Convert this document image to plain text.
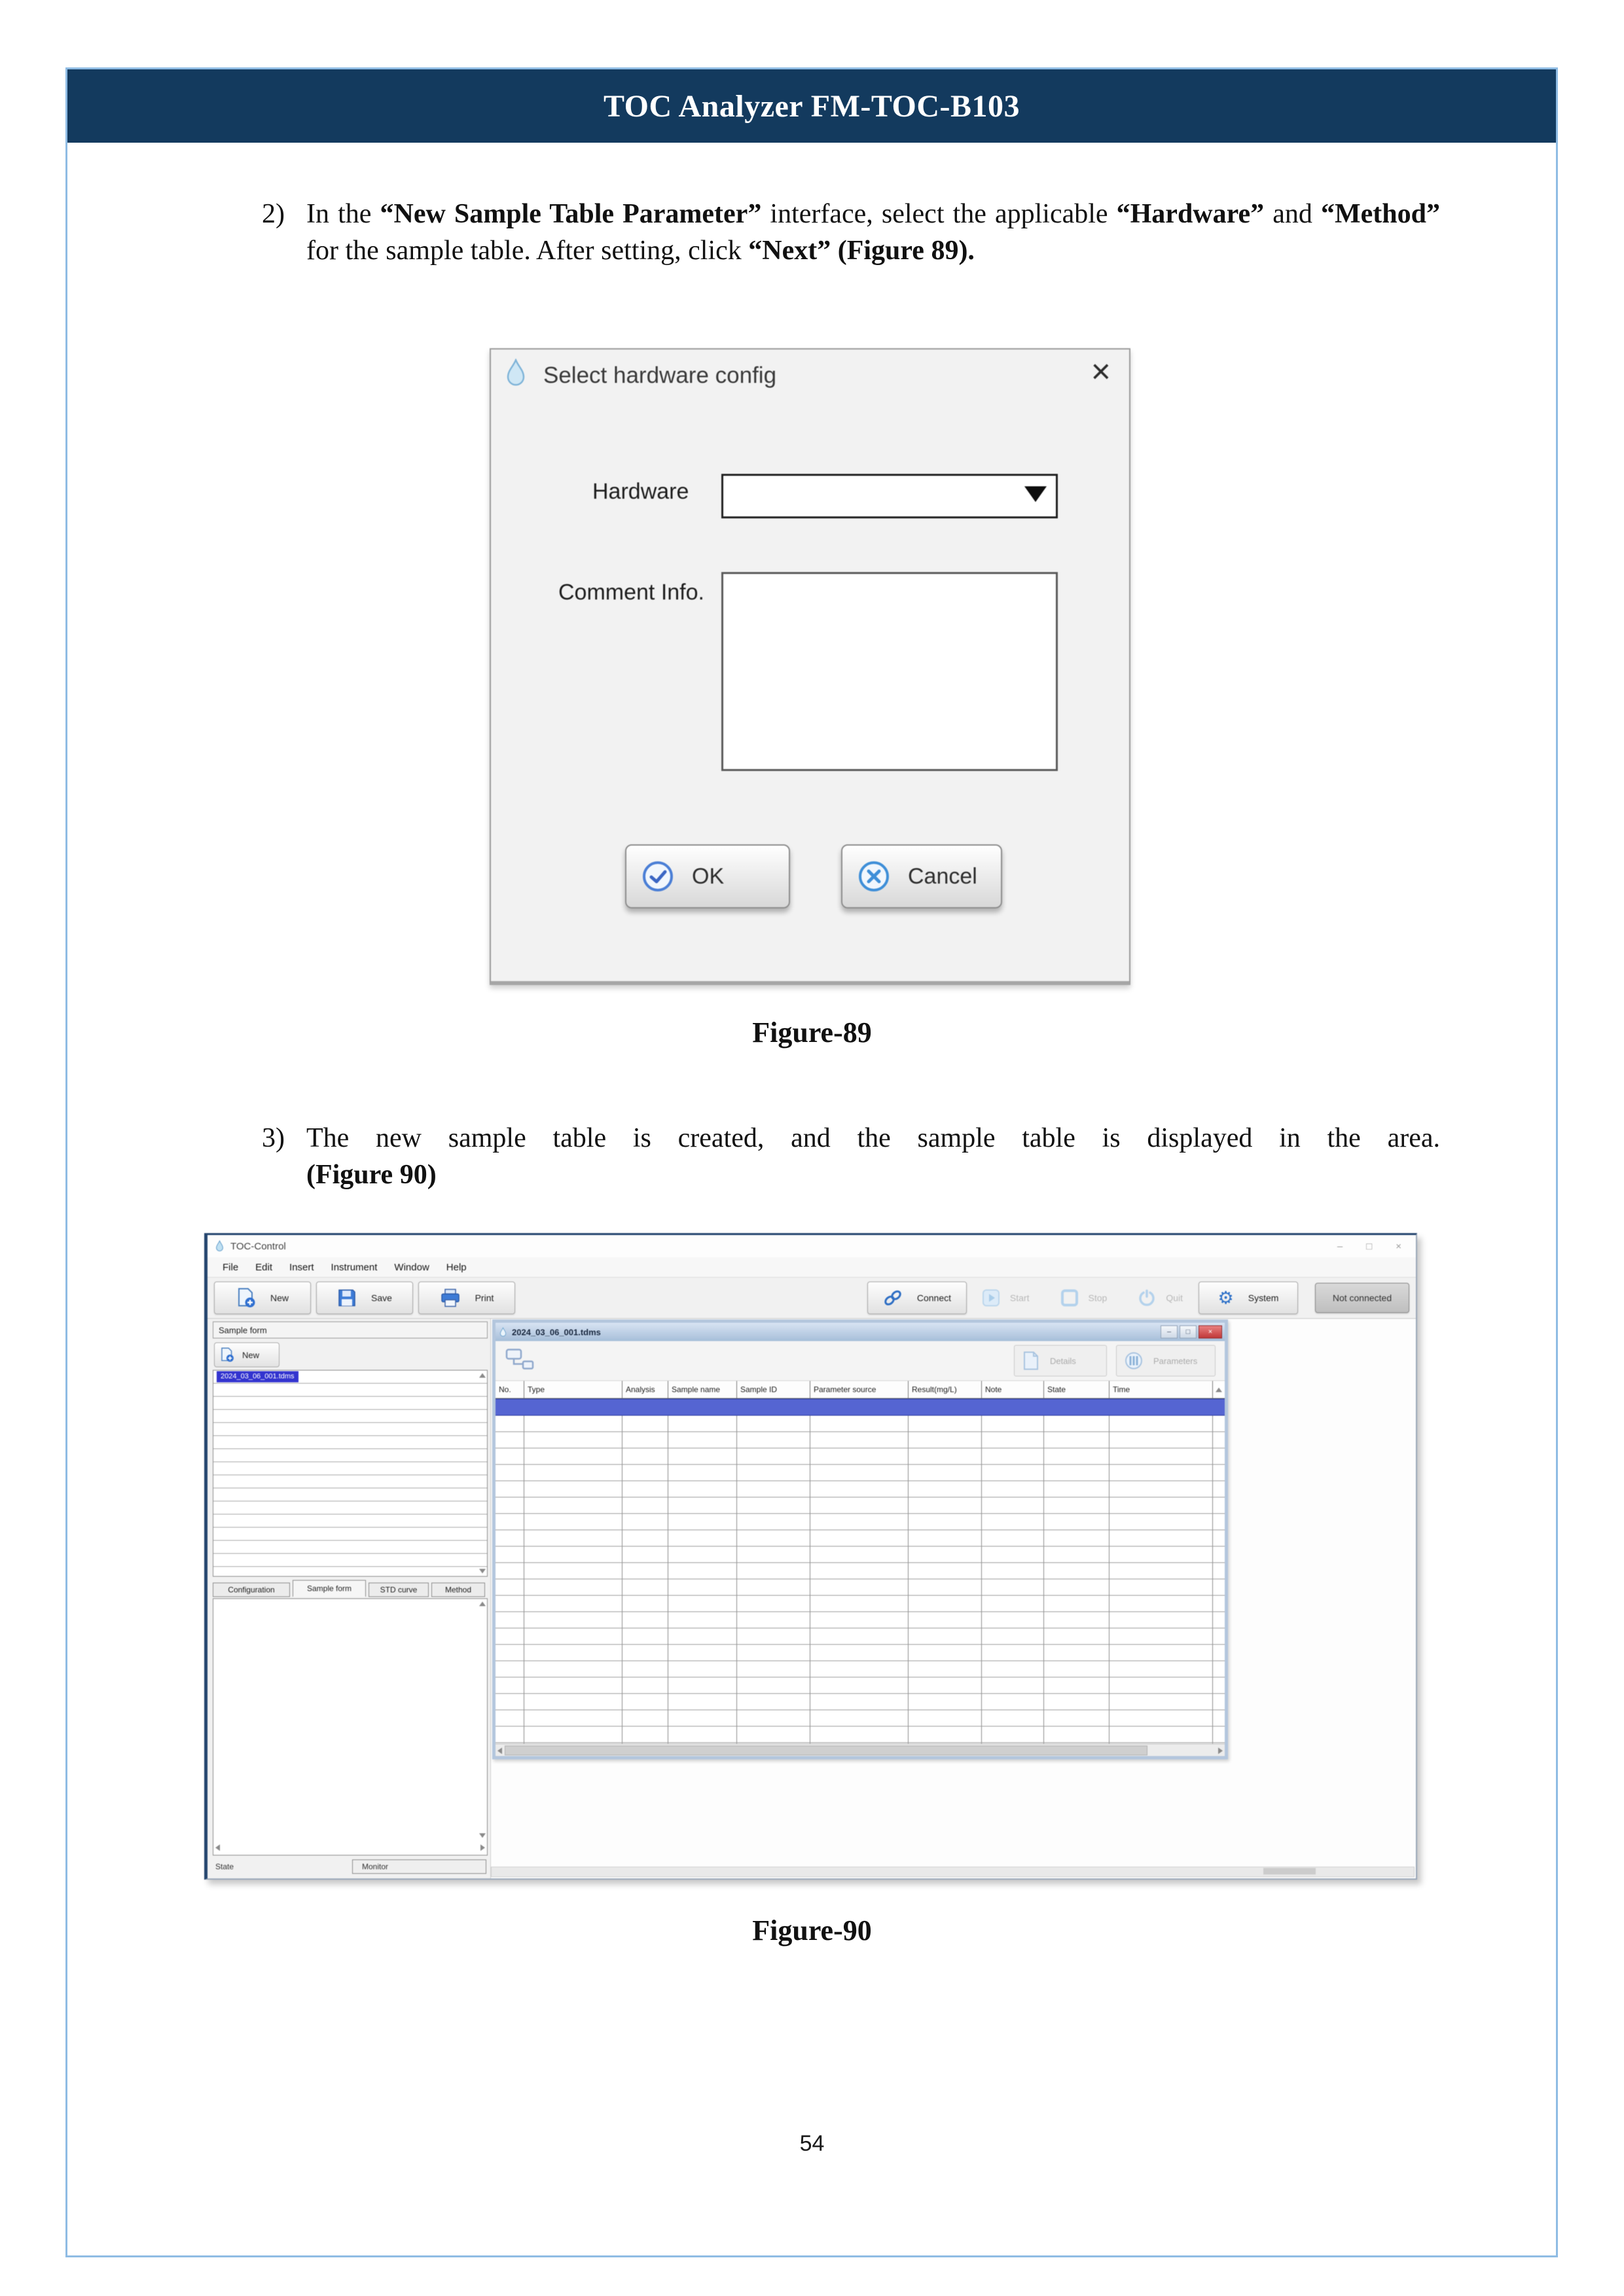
TOC Analyzer FM-TOC-B103
2) In the “New Sample Table Parameter” interface, select the applicable “Hardware” and “Method” for the sample table. After setting, click “Next” (Figure 89).
Select hardware config	×
Hardware
Comment Info.
OK	Cancel
Figure-89
3) The new sample table is created, and the sample table is displayed in the area.
(Figure 90)
TOC-Control	– □ ×
File	Edit	Insert	Instrument	Window	Help
New	Save	Print	Connect	Start	Stop	Quit ⚙ System	Not connected
Sample form
New
2024_03_06_001.tdms
Configuration	Sample form	STD curve	Method
State	Monitor
2024_03_06_001.tdms	–	□	×
Details	Parameters
No.	Type	Analysis	Sample name	Sample ID	Parameter source	Result(mg/L)	Note	State	Time
Figure-90
54
